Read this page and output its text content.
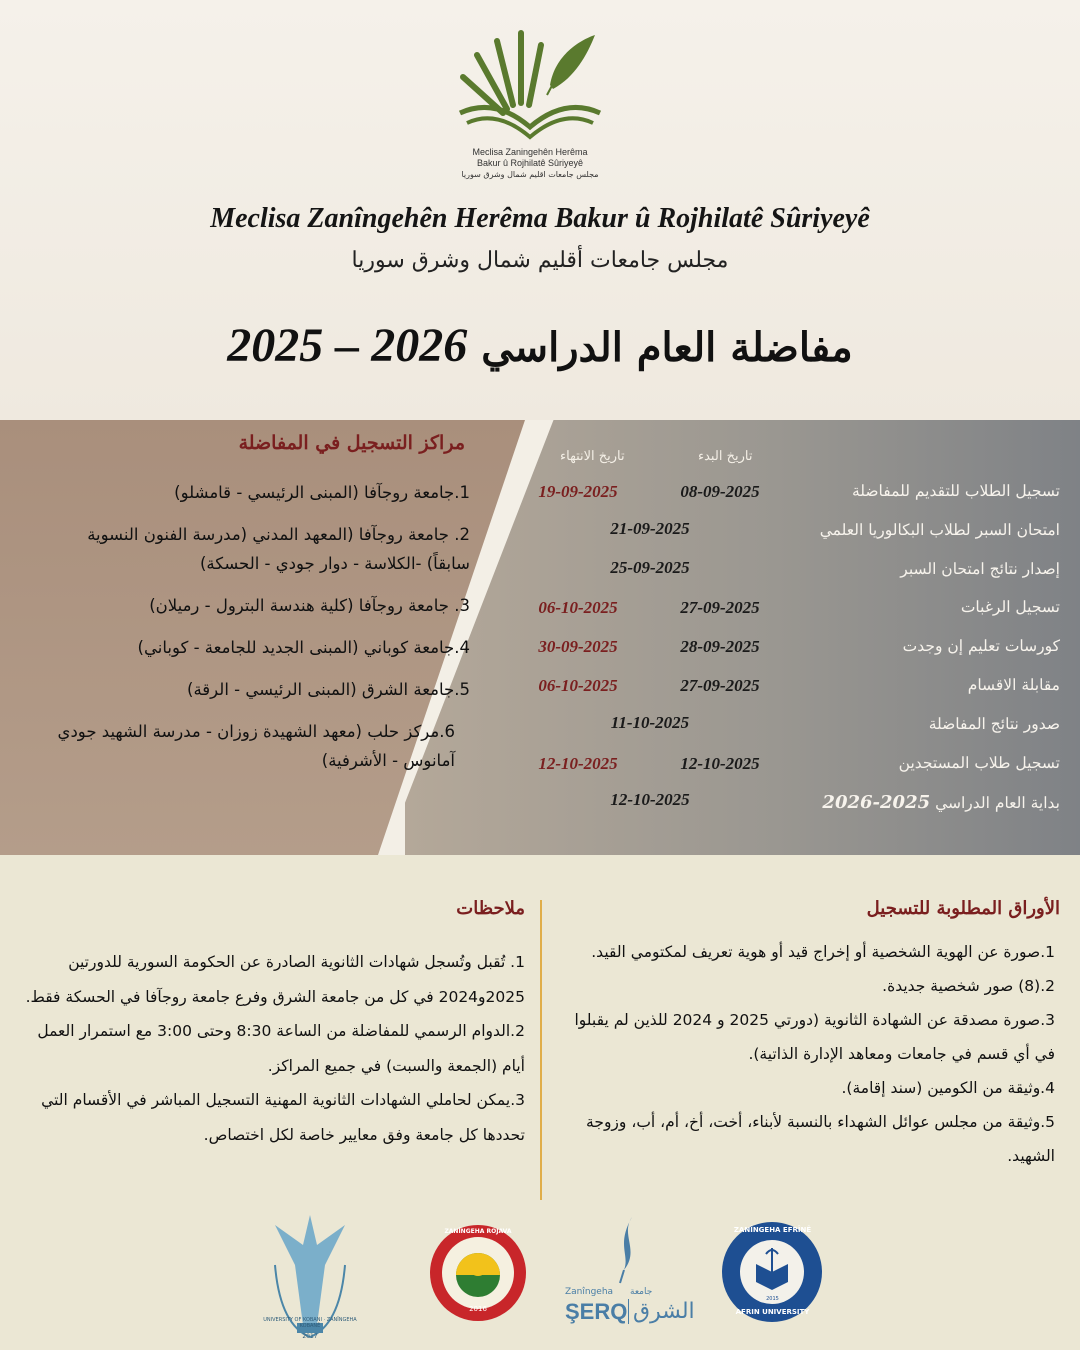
Meclisa Zaningehên Herêma
Bakur û Rojhilatê Sûriyeyê
مجلس جامعات اقليم شمال وشرق سوريا
Meclisa Zanîngehên Herêma Bakur û Rojhilatê Sûriyeyê
مجلس جامعات أقليم شمال وشرق سوريا
مفاضلة العام الدراسي 2025 – 2026
مراكز التسجيل في المفاضلة
1.جامعة روجآفا (المبنى الرئيسي - قامشلو)
2. جامعة روجآفا (المعهد المدني (مدرسة الفنون النسوية سابقاً) -الكلاسة - دوار جودي - الحسكة)
3. جامعة روجآفا (كلية هندسة البترول - رميلان)
4.جامعة كوباني (المبنى الجديد للجامعة - كوباني)
5.جامعة الشرق (المبنى الرئيسي - الرقة)
6.مركز حلب (معهد الشهيدة زوزان - مدرسة الشهيد جودي آمانوس - الأشرفية)
تاريخ البدء
تاريخ الانتهاء
تسجيل الطلاب للتقديم للمفاضلة
08-09-2025
19-09-2025
امتحان السبر لطلاب البكالوريا العلمي
21-09-2025
إصدار نتائج امتحان السبر
25-09-2025
تسجيل الرغبات
27-09-2025
06-10-2025
كورسات تعليم إن وجدت
28-09-2025
30-09-2025
مقابلة الاقسام
27-09-2025
06-10-2025
صدور نتائج المفاضلة
11-10-2025
تسجيل طلاب المستجدين
12-10-2025
12-10-2025
بداية العام الدراسي 2025-2026
12-10-2025
الأوراق المطلوبة للتسجيل
1.صورة عن الهوية الشخصية أو إخراج قيد أو هوية تعريف لمكتومي القيد.
2.(8) صور شخصية جديدة.
3.صورة مصدقة عن الشهادة الثانوية (دورتي 2025 و 2024 للذين لم يقبلوا في أي قسم في جامعات ومعاهد الإدارة الذاتية).
4.وثيقة من الكومين (سند إقامة).
5.وثيقة من مجلس عوائل الشهداء بالنسبة لأبناء، أخت، أخ، أم، أب، وزوجة الشهيد.
ملاحظات
1. تُقبل وتُسجل شهادات الثانوية الصادرة عن الحكومة السورية للدورتين 2025و2024 في كل من جامعة الشرق وفرع جامعة روجآفا في الحسكة فقط.
2.الدوام الرسمي للمفاضلة من الساعة 8:30 وحتى 3:00 مع استمرار العمل أيام (الجمعة والسبت) في جميع المراكز.
3.يمكن لحاملي الشهادات الثانوية المهنية التسجيل المباشر في الأقسام التي تحددها كل جامعة وفق معايير خاصة لكل اختصاص.
UNIVERSITY OF KOBANI · ZANÎNGEHA KOBANÊ
2017
ZANÎNGEHA ROJAVA
2016
Zanîngeha
ŞERQ
جامعة
الشرق
ZANÎNGEHA EFRÎNÊ
AFRIN UNIVERSITY
2015
